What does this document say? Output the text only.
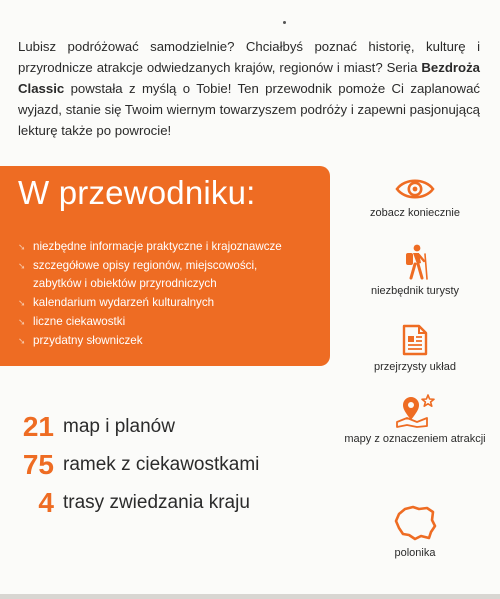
Lubisz podróżować samodzielnie? Chciałbyś poznać historię, kulturę i przyrodnicze atrakcje odwiedzanych krajów, regionów i miast? Seria Bezdroża Classic powstała z myślą o Tobie! Ten przewodnik pomoże Ci zaplanować wyjazd, stanie się Twoim wiernym towarzyszem podróży i zapewni pasjonującą lekturę także po powrocie!

W przewodniku:
➘ niezbędne informacje praktyczne i krajoznawcze
➘ szczegółowe opisy regionów, miejscowości,
zabytków i obiektów przyrodniczych
➘ kalendarium wydarzeń kulturalnych
➘ liczne ciekawostki
➘ przydatny słowniczek
21 map i planów
75 ramek z ciekawostkami
4 trasy zwiedzania kraju
zobacz koniecznie
niezbędnik turysty
przejrzysty układ
mapy z oznaczeniem atrakcji
polonika
